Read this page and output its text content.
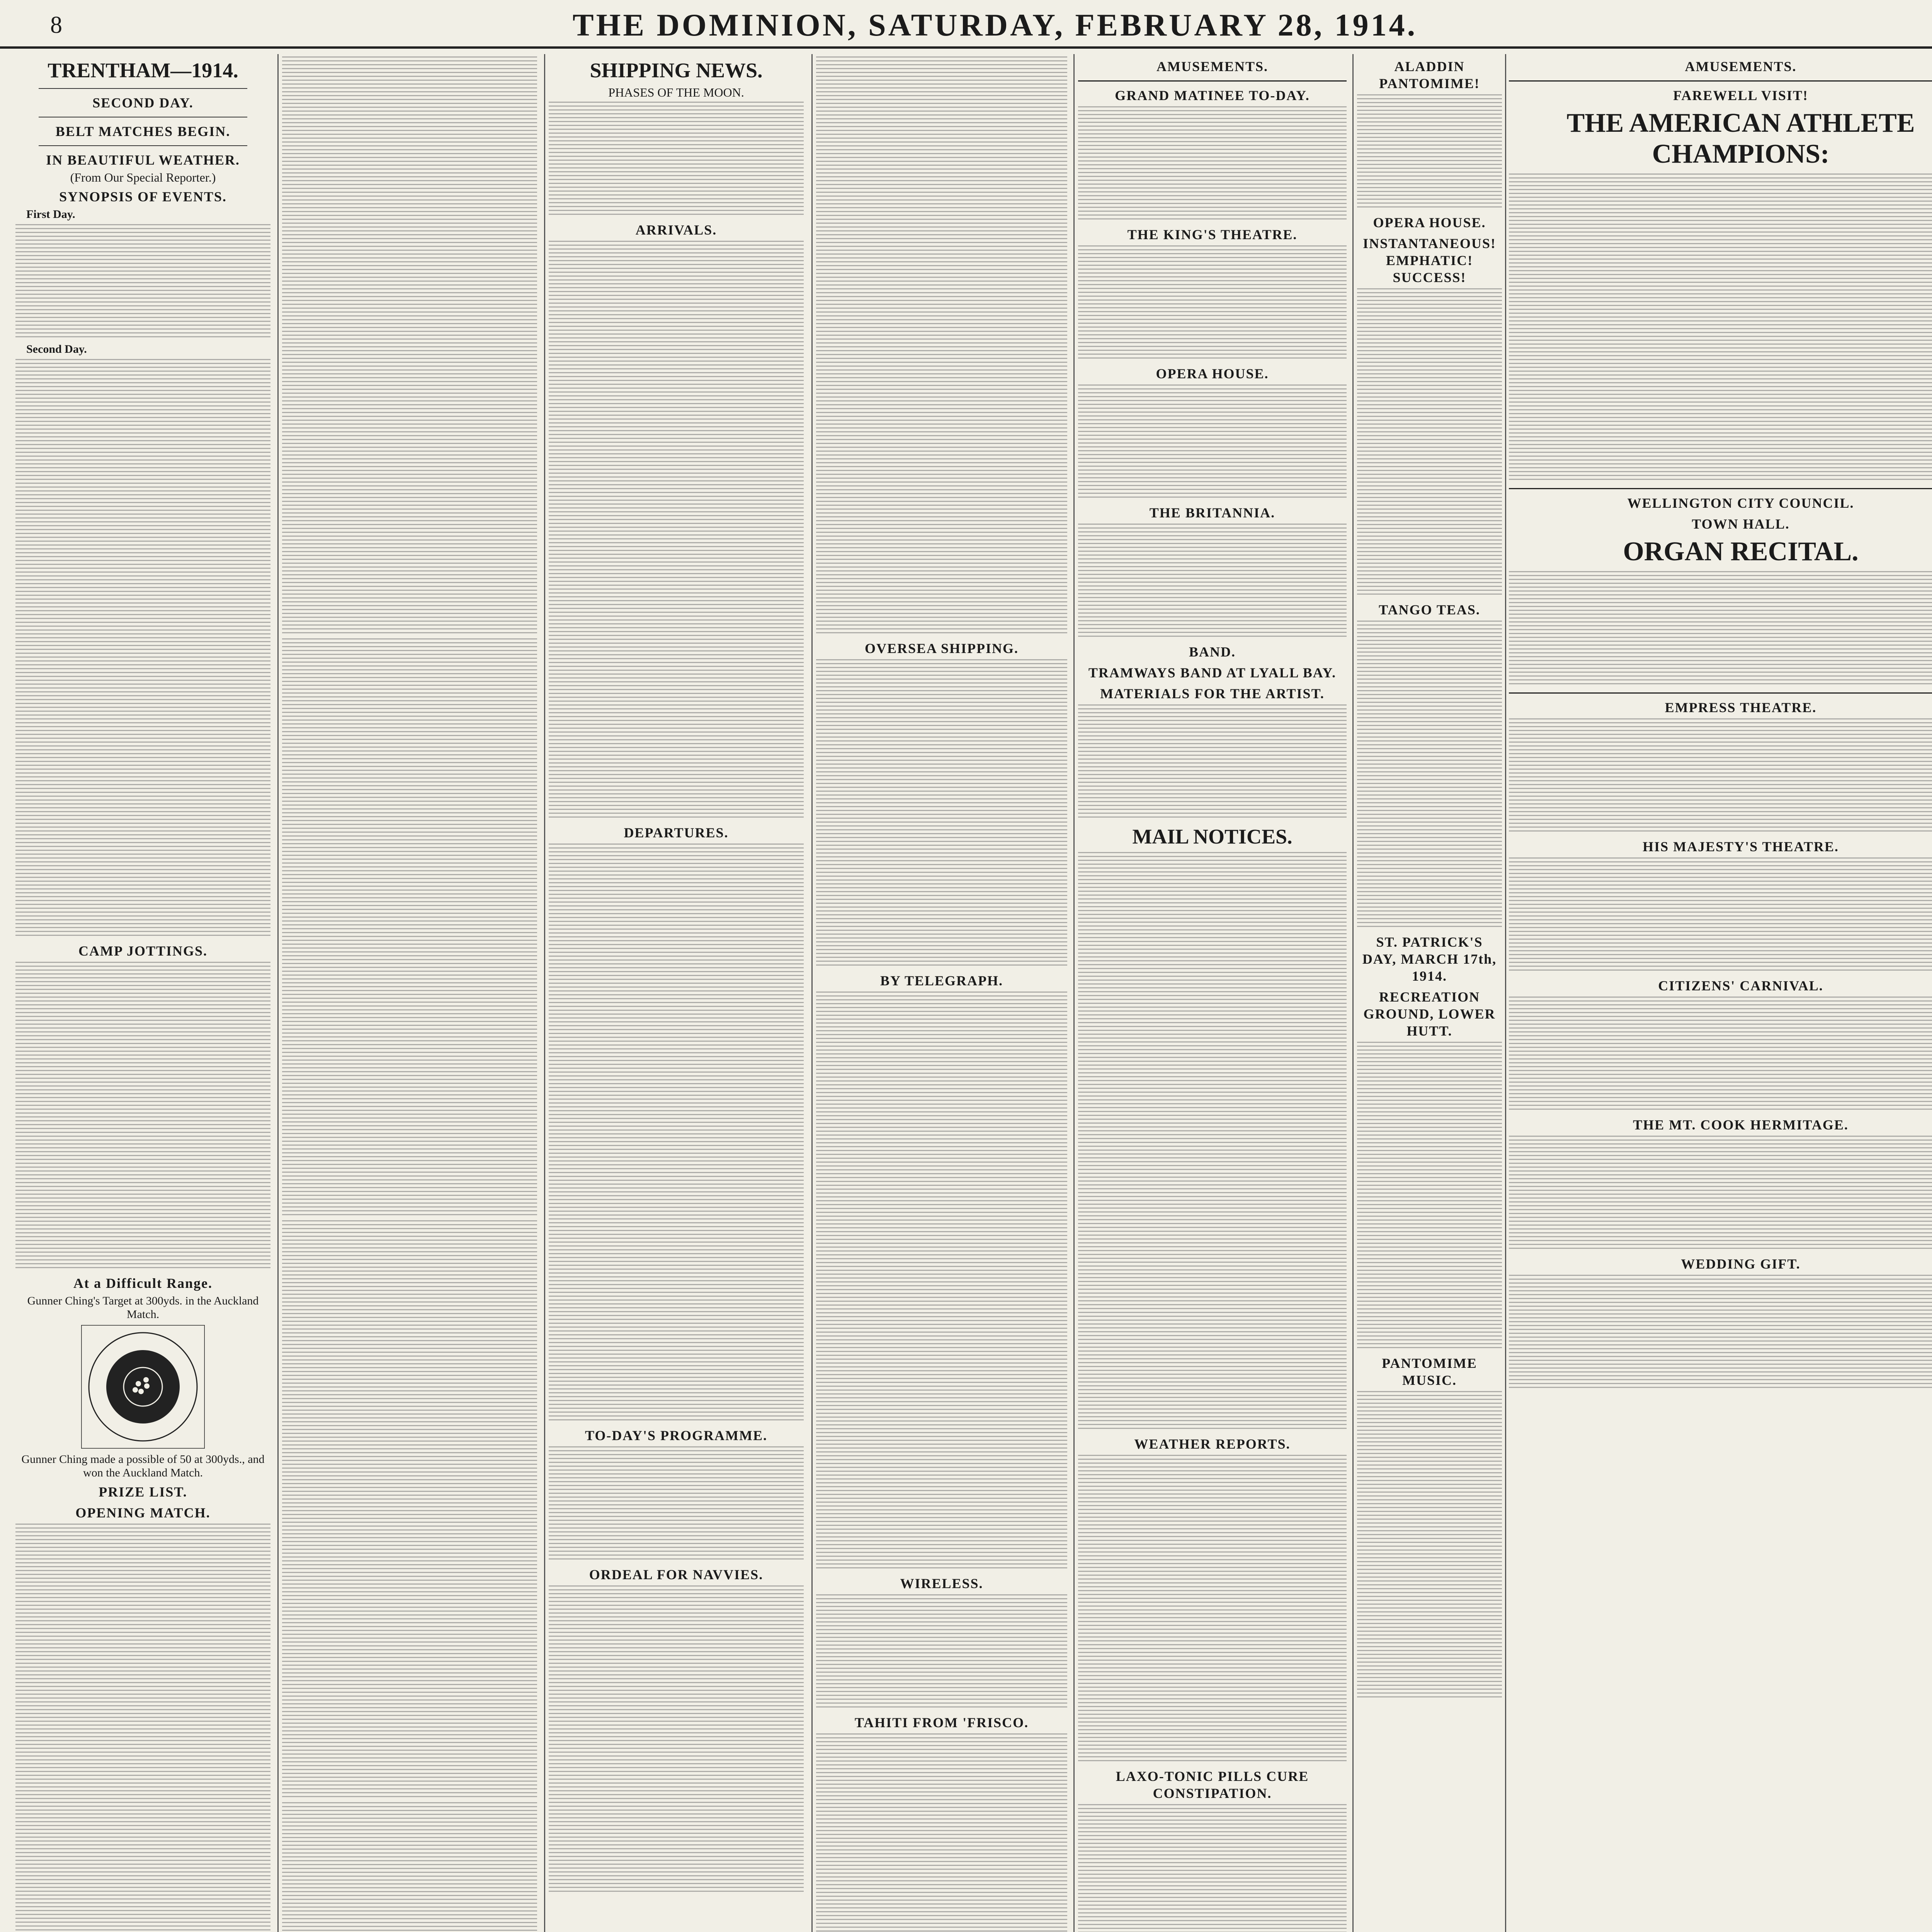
8	THE DOMINION, SATURDAY, FEBRUARY 28, 1914.
TRENTHAM—1914.
SECOND DAY.
BELT MATCHES BEGIN.
IN BEAUTIFUL WEATHER.
(From Our Special Reporter.)
SYNOPSIS OF EVENTS.

First Day.

Second Day.

CAMP JOTTINGS.
At a Difficult Range.

Gunner Ching's Target at 300yds. in the Auckland Match.

Gunner Ching made a possible of 50 at 300yds., and won the Auckland Match.

PRIZE LIST.
OPENING MATCH.
SHIPPING NEWS.
PHASES OF THE MOON.
ARRIVALS.
DEPARTURES.
TO-DAY'S PROGRAMME.
ORDEAL FOR NAVVIES.
OVERSEA SHIPPING.
BY TELEGRAPH.
WIRELESS.
TAHITI FROM 'FRISCO.
AMUSEMENTS.
GRAND MATINEE TO-DAY.
THE KING'S THEATRE.
OPERA HOUSE.
THE BRITANNIA.
BAND.
TRAMWAYS BAND AT LYALL BAY.
MATERIALS FOR THE ARTIST.
MAIL NOTICES.
WEATHER REPORTS.
LAXO-TONIC PILLS CURE CONSTIPATION.
ALADDIN PANTOMIME!
OPERA HOUSE.
INSTANTANEOUS! EMPHATIC! SUCCESS!
TANGO TEAS.
ST. PATRICK'S DAY, MARCH 17th, 1914.
RECREATION GROUND, LOWER HUTT.
PANTOMIME MUSIC.
AMUSEMENTS.
FAREWELL VISIT!
THE AMERICAN ATHLETE CHAMPIONS:
WELLINGTON CITY COUNCIL.
TOWN HALL.
ORGAN RECITAL.
EMPRESS THEATRE.
HIS MAJESTY'S THEATRE.
CITIZENS' CARNIVAL.
THE MT. COOK HERMITAGE.
WEDDING GIFT.
